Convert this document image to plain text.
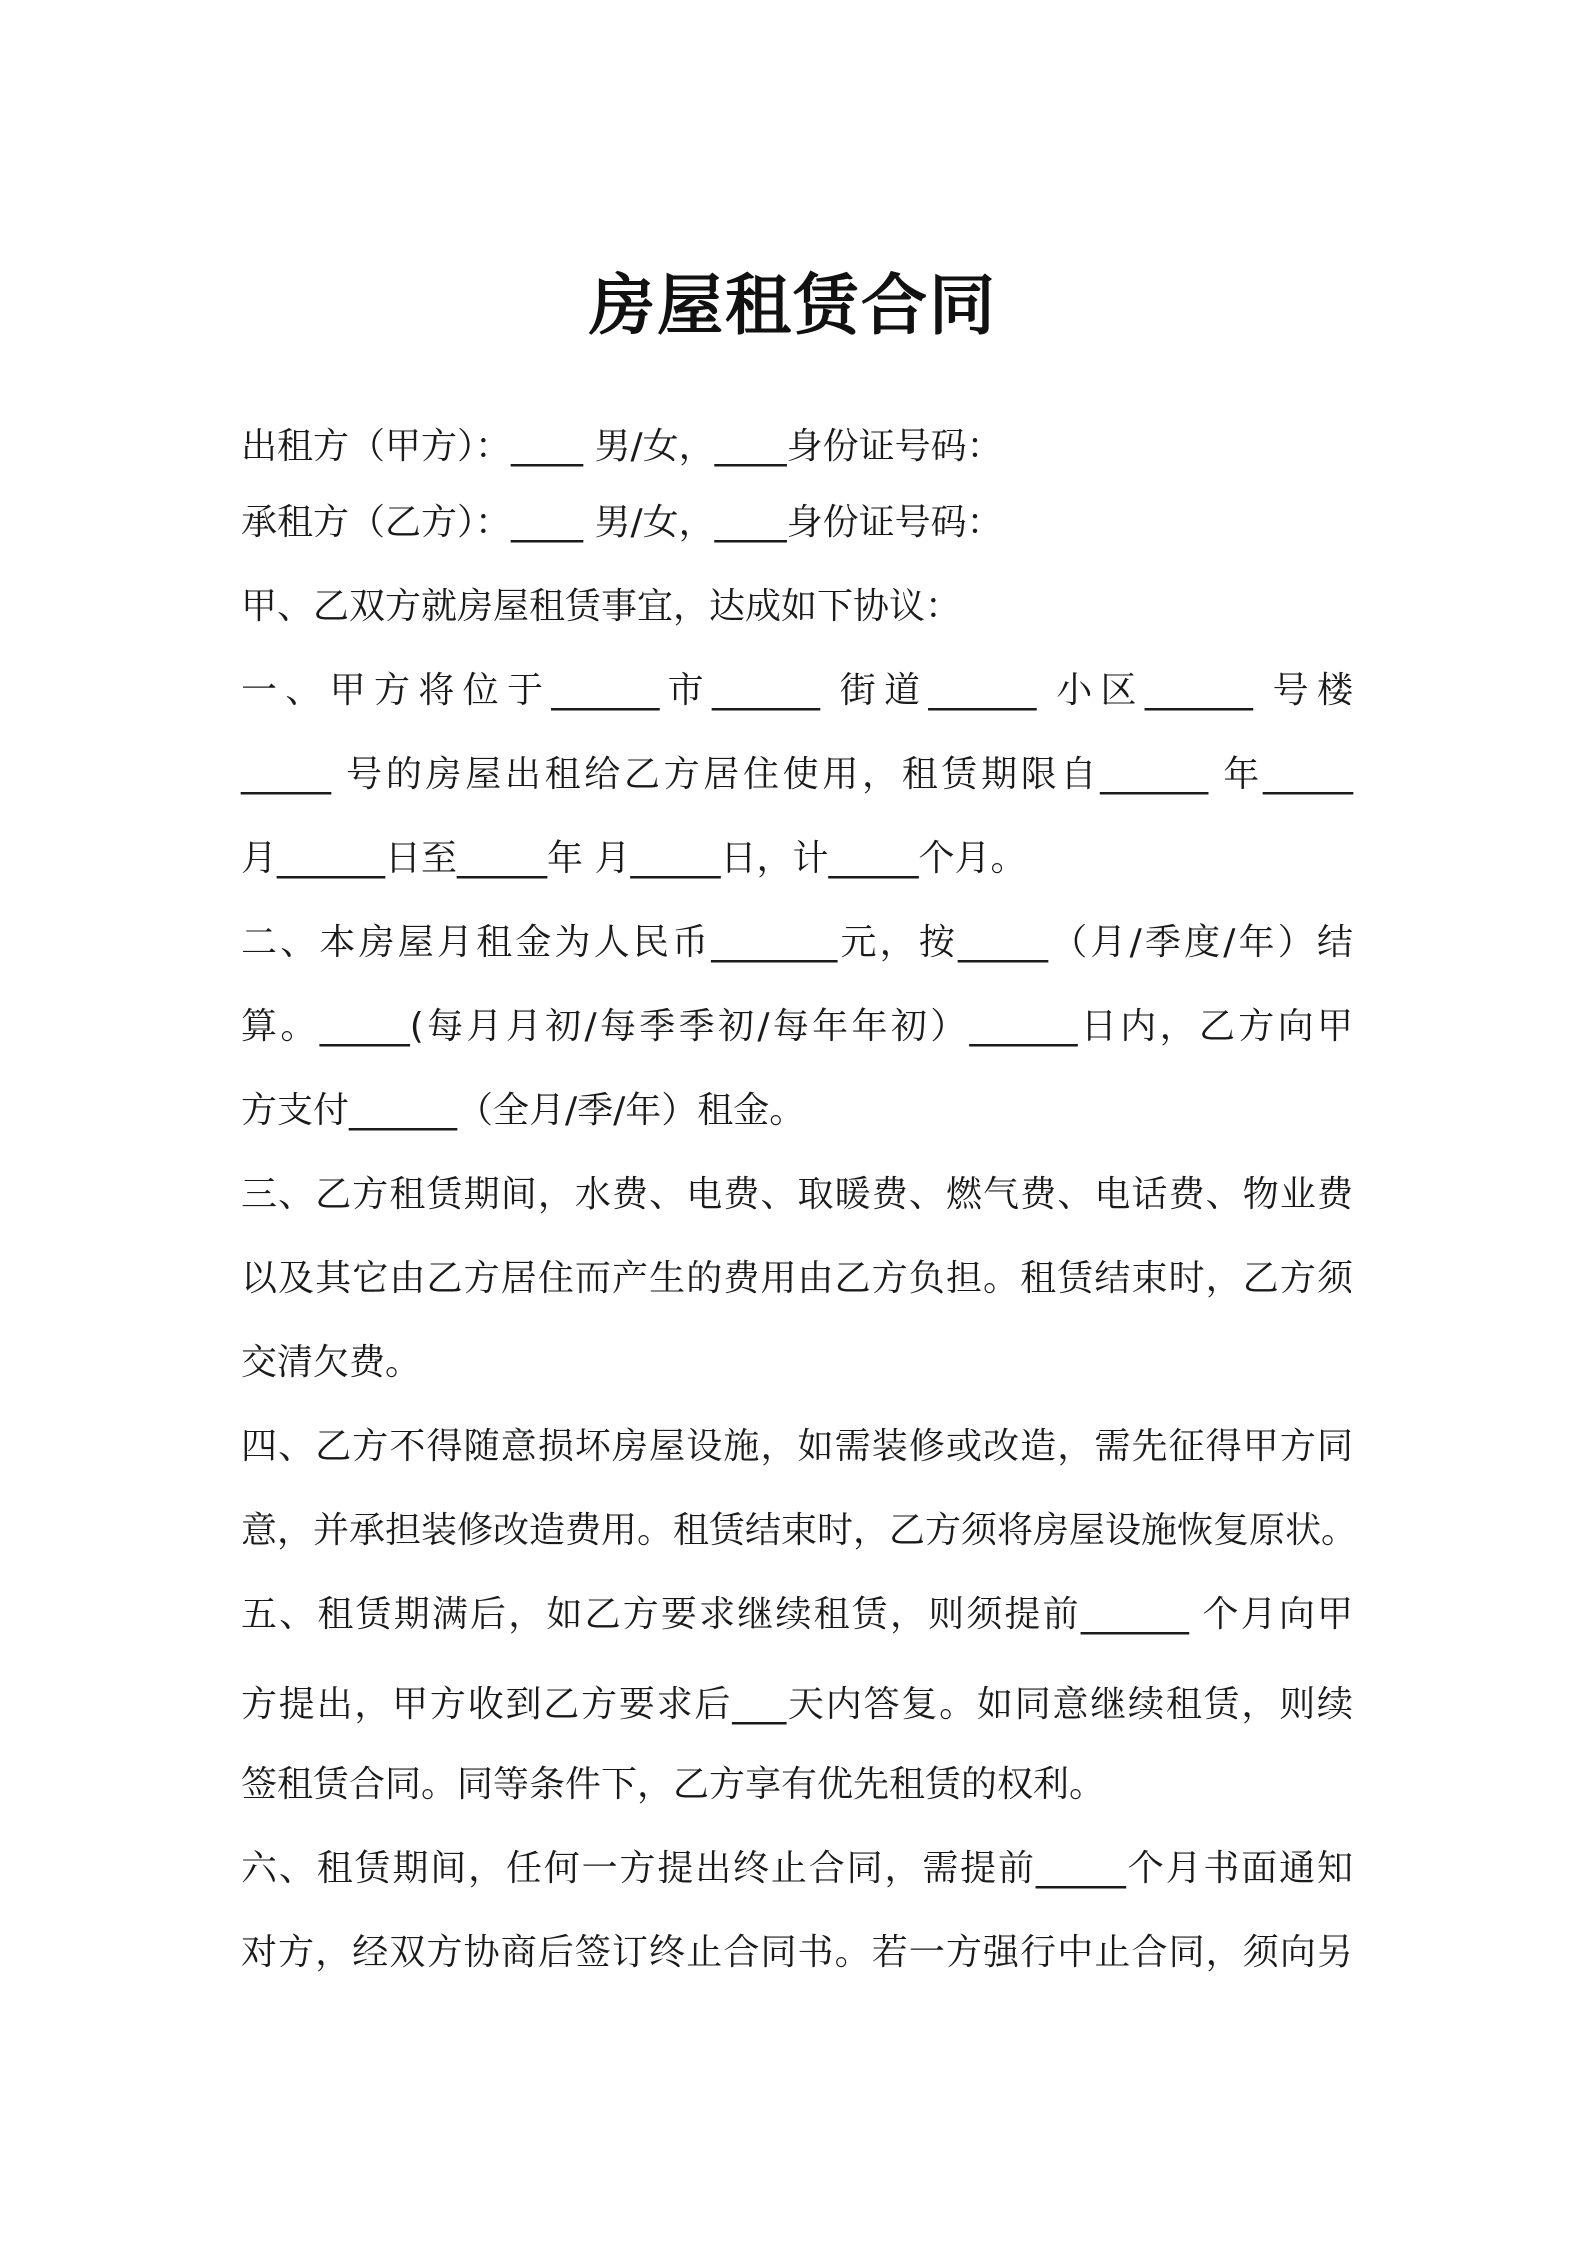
房屋租赁合同
出租方（甲方）：____ 男/女，____身份证号码：
承租方（乙方）：____ 男/女，____身份证号码：
甲、乙双方就房屋租赁事宜，达成如下协议：
一、甲方将位于______市______ 街道______ 小区______ 号楼
_____ 号的房屋出租给乙方居住使用，租赁期限自______ 年_____
月______日至_____年 月_____日，计_____个月。
二、本房屋月租金为人民币_______元，按_____（月/季度/年）结
算。_____(每月月初/每季季初/每年年初）______日内，乙方向甲
方支付______（全月/季/年）租金。
三、乙方租赁期间，水费、电费、取暖费、燃气费、电话费、物业费
以及其它由乙方居住而产生的费用由乙方负担。租赁结束时，乙方须
交清欠费。
四、乙方不得随意损坏房屋设施，如需装修或改造，需先征得甲方同
意，并承担装修改造费用。租赁结束时，乙方须将房屋设施恢复原状。
五、租赁期满后，如乙方要求继续租赁，则须提前______ 个月向甲
方提出，甲方收到乙方要求后___天内答复。如同意继续租赁，则续
签租赁合同。同等条件下，乙方享有优先租赁的权利。
六、租赁期间，任何一方提出终止合同，需提前_____个月书面通知
对方，经双方协商后签订终止合同书。若一方强行中止合同，须向另
